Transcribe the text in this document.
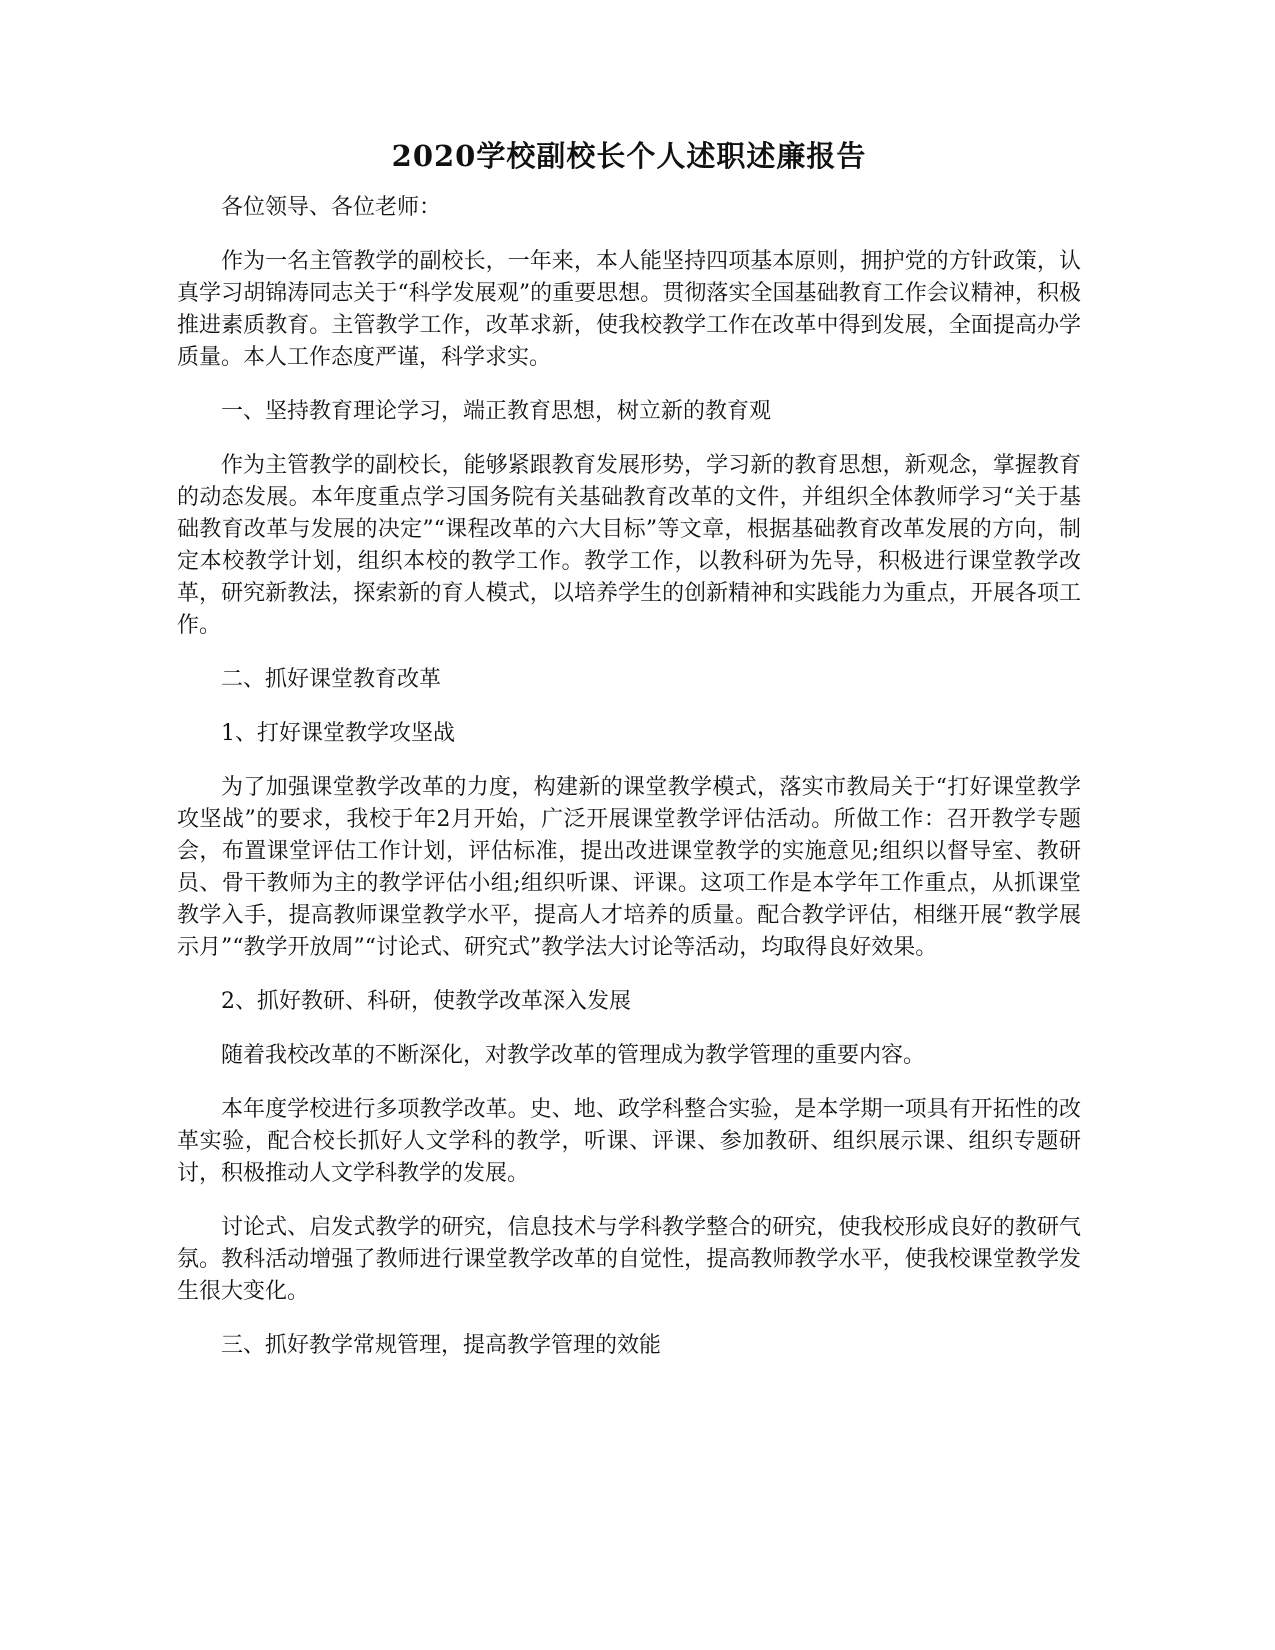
2020学校副校长个人述职述廉报告

各位领导、各位老师：

作为一名主管教学的副校长，一年来，本人能坚持四项基本原则，拥护党的方针政策，认真学习胡锦涛同志关于“科学发展观”的重要思想。贯彻落实全国基础教育工作会议精神，积极推进素质教育。主管教学工作，改革求新，使我校教学工作在改革中得到发展，全面提高办学质量。本人工作态度严谨，科学求实。

一、坚持教育理论学习，端正教育思想，树立新的教育观

作为主管教学的副校长，能够紧跟教育发展形势，学习新的教育思想，新观念，掌握教育的动态发展。本年度重点学习国务院有关基础教育改革的文件，并组织全体教师学习“关于基础教育改革与发展的决定”“课程改革的六大目标”等文章，根据基础教育改革发展的方向，制定本校教学计划，组织本校的教学工作。教学工作，以教科研为先导，积极进行课堂教学改革，研究新教法，探索新的育人模式，以培养学生的创新精神和实践能力为重点，开展各项工作。

二、抓好课堂教育改革

1、打好课堂教学攻坚战

为了加强课堂教学改革的力度，构建新的课堂教学模式，落实市教局关于“打好课堂教学攻坚战”的要求，我校于年2月开始，广泛开展课堂教学评估活动。所做工作：召开教学专题会，布置课堂评估工作计划，评估标准，提出改进课堂教学的实施意见;组织以督导室、教研员、骨干教师为主的教学评估小组;组织听课、评课。这项工作是本学年工作重点，从抓课堂教学入手，提高教师课堂教学水平，提高人才培养的质量。配合教学评估，相继开展“教学展示月”“教学开放周”“讨论式、研究式”教学法大讨论等活动，均取得良好效果。

2、抓好教研、科研，使教学改革深入发展

随着我校改革的不断深化，对教学改革的管理成为教学管理的重要内容。

本年度学校进行多项教学改革。史、地、政学科整合实验，是本学期一项具有开拓性的改革实验，配合校长抓好人文学科的教学，听课、评课、参加教研、组织展示课、组织专题研讨，积极推动人文学科教学的发展。

讨论式、启发式教学的研究，信息技术与学科教学整合的研究，使我校形成良好的教研气氛。教科活动增强了教师进行课堂教学改革的自觉性，提高教师教学水平，使我校课堂教学发生很大变化。

三、抓好教学常规管理，提高教学管理的效能
